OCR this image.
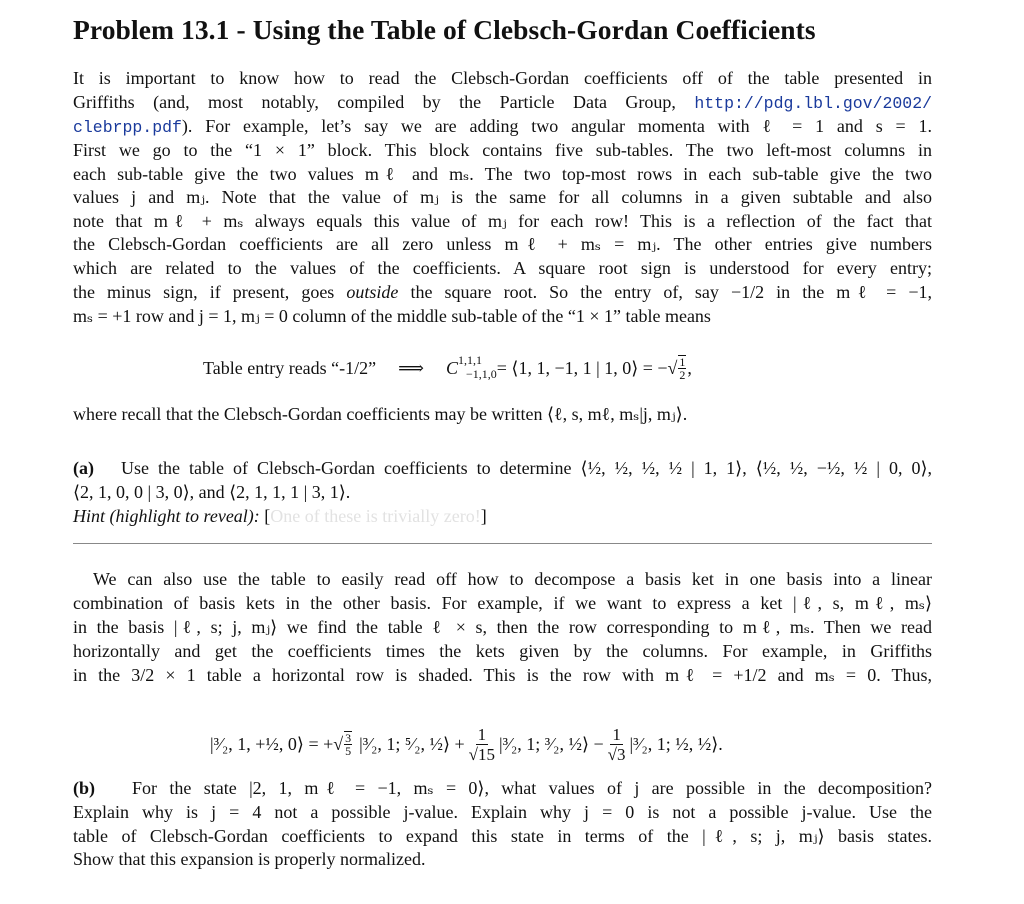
Problem 13.1 - Using the Table of Clebsch-Gordan Coefficients
It is important to know how to read the Clebsch-Gordan coefficients off of the table presented in
Griffiths (and, most notably, compiled by the Particle Data Group, http://pdg.lbl.gov/2002/
clebrpp.pdf). For example, let’s say we are adding two angular momenta with ℓ = 1 and s = 1.
First we go to the “1 × 1” block. This block contains five sub-tables. The two left-most columns in
each sub-table give the two values mℓ and mₛ. The two top-most rows in each sub-table give the two
values j and mⱼ. Note that the value of mⱼ is the same for all columns in a given subtable and also
note that mℓ + mₛ always equals this value of mⱼ for each row! This is a reflection of the fact that
the Clebsch-Gordan coefficients are all zero unless mℓ + mₛ = mⱼ. The other entries give numbers
which are related to the values of the coefficients. A square root sign is understood for every entry;
the minus sign, if present, goes outside the square root. So the entry of, say −1/2 in the mℓ = −1,
mₛ = +1 row and j = 1, mⱼ = 0 column of the middle sub-table of the “1 × 1” table means
Table entry reads “-1/2” ⟹ C 1,1,1
−1,1,0 = ⟨1, 1, −1, 1 | 1, 0⟩ = −√ $\frac{1}{2}$ ,
where recall that the Clebsch-Gordan coefficients may be written ⟨ℓ, s, mℓ, mₛ|j, mⱼ⟩.
(a) Use the table of Clebsch-Gordan coefficients to determine ⟨½, ½, ½, ½ | 1, 1⟩, ⟨½, ½, −½, ½ | 0, 0⟩,
⟨2, 1, 0, 0 | 3, 0⟩, and ⟨2, 1, 1, 1 | 3, 1⟩.
Hint (highlight to reveal): [One of these is trivially zero!]
We can also use the table to easily read off how to decompose a basis ket in one basis into a linear
combination of basis kets in the other basis. For example, if we want to express a ket |ℓ, s, mℓ, mₛ⟩
in the basis |ℓ, s; j, mⱼ⟩ we find the table ℓ × s, then the row corresponding to mℓ, mₛ. Then we read
horizontally and get the coefficients times the kets given by the columns. For example, in Griffiths
in the 3/2 × 1 table a horizontal row is shaded. This is the row with mℓ = +1/2 and mₛ = 0. Thus,
|³⁄₂, 1, +½, 0⟩ = +√ $\frac{3}{5}$ |³⁄₂, 1; ⁵⁄₂, ½⟩ + $\frac{1}{√15}$ |³⁄₂, 1; ³⁄₂, ½⟩ − $\frac{1}{√3}$ |³⁄₂, 1; ½, ½⟩.
(b) For the state |2, 1, mℓ = −1, mₛ = 0⟩, what values of j are possible in the decomposition?
Explain why is j = 4 not a possible j-value. Explain why j = 0 is not a possible j-value. Use the
table of Clebsch-Gordan coefficients to expand this state in terms of the |ℓ, s; j, mⱼ⟩ basis states.
Show that this expansion is properly normalized.
